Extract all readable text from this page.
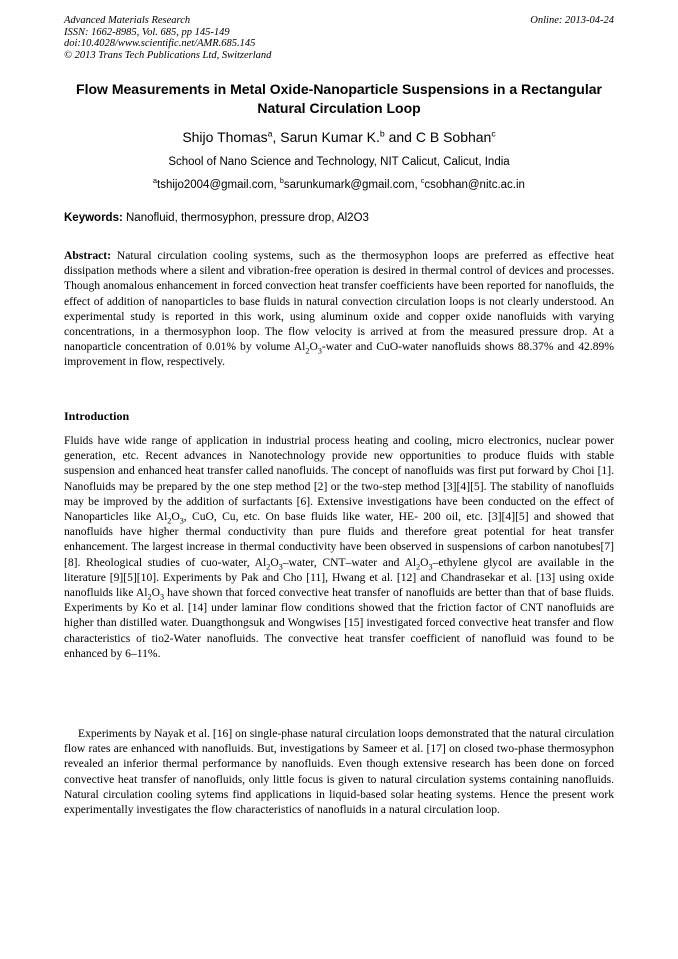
Advanced Materials Research
ISSN: 1662-8985, Vol. 685, pp 145-149
doi:10.4028/www.scientific.net/AMR.685.145
© 2013 Trans Tech Publications Ltd, Switzerland
Online: 2013-04-24
Flow Measurements in Metal Oxide-Nanoparticle Suspensions in a Rectangular Natural Circulation Loop
Shijo Thomas$^a$, Sarun Kumar K.$^b$ and C B Sobhan$^c$
School of Nano Science and Technology, NIT Calicut, Calicut, India
$^a$tshijo2004@gmail.com, $^b$sarunkumark@gmail.com, $^c$csobhan@nitc.ac.in
Keywords: Nanofluid, thermosyphon, pressure drop, Al2O3
Abstract: Natural circulation cooling systems, such as the thermosyphon loops are preferred as effective heat dissipation methods where a silent and vibration-free operation is desired in thermal control of devices and processes. Though anomalous enhancement in forced convection heat transfer coefficients have been reported for nanofluids, the effect of addition of nanoparticles to base fluids in natural convection circulation loops is not clearly understood. An experimental study is reported in this work, using aluminum oxide and copper oxide nanofluids with varying concentrations, in a thermosyphon loop. The flow velocity is arrived at from the measured pressure drop. At a nanoparticle concentration of 0.01% by volume $Al_2O_3$-water and CuO-water nanofluids shows 88.37% and 42.89% improvement in flow, respectively.
Introduction
Fluids have wide range of application in industrial process heating and cooling, micro electronics, nuclear power generation, etc. Recent advances in Nanotechnology provide new opportunities to produce fluids with stable suspension and enhanced heat transfer called nanofluids. The concept of nanofluids was first put forward by Choi [1]. Nanofluids may be prepared by the one step method [2] or the two-step method [3][4][5]. The stability of nanofluids may be improved by the addition of surfactants [6]. Extensive investigations have been conducted on the effect of Nanoparticles like $Al_2O_3$, CuO, Cu, etc. On base fluids like water, HE- 200 oil, etc. [3][4][5] and showed that nanofluids have higher thermal conductivity than pure fluids and therefore great potential for heat transfer enhancement. The largest increase in thermal conductivity have been observed in suspensions of carbon nanotubes[7][8]. Rheological studies of cuo-water, $Al_2O_3$–water, CNT–water and $Al_2O_3$–ethylene glycol are available in the literature [9][5][10]. Experiments by Pak and Cho [11], Hwang et al. [12] and Chandrasekar et al. [13] using oxide nanofluids like $Al_2O_3$ have shown that forced convective heat transfer of nanofluids are better than that of base fluids. Experiments by Ko et al. [14] under laminar flow conditions showed that the friction factor of CNT nanofluids are higher than distilled water. Duangthongsuk and Wongwises [15] investigated forced convective heat transfer and flow characteristics of tio2-Water nanofluids. The convective heat transfer coefficient of nanofluid was found to be enhanced by 6–11%.
Experiments by Nayak et al. [16] on single-phase natural circulation loops demonstrated that the natural circulation flow rates are enhanced with nanofluids. But, investigations by Sameer et al. [17] on closed two-phase thermosyphon revealed an inferior thermal performance by nanofluids. Even though extensive research has been done on forced convective heat transfer of nanofluids, only little focus is given to natural circulation systems containing nanofluids. Natural circulation cooling sytems find applications in liquid-based solar heating systems. Hence the present work experimentally investigates the flow characteristics of nanofluids in a natural circulation loop.
